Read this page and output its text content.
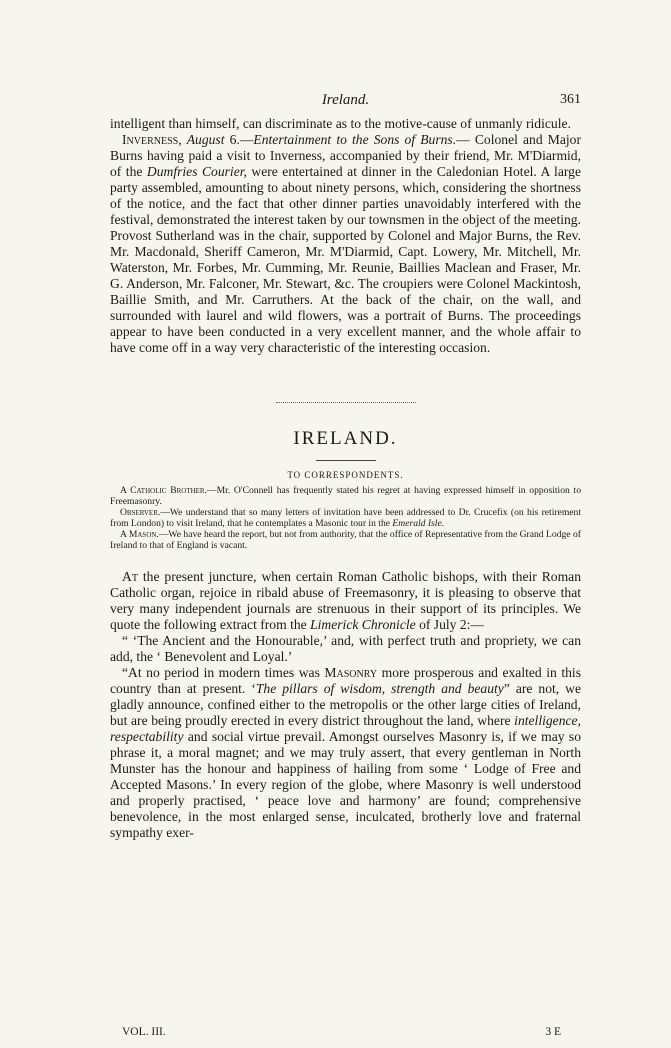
Ireland.	361

intelligent than himself, can discriminate as to the motive-cause of unmanly ridicule.

Inverness, August 6.—Entertainment to the Sons of Burns.— Colonel and Major Burns having paid a visit to Inverness, accompanied by their friend, Mr. M'Diarmid, of the Dumfries Courier, were entertained at dinner in the Caledonian Hotel. A large party assembled, amounting to about ninety persons, which, considering the shortness of the notice, and the fact that other dinner parties unavoidably interfered with the festival, demonstrated the interest taken by our townsmen in the object of the meeting. Provost Sutherland was in the chair, supported by Colonel and Major Burns, the Rev. Mr. Macdonald, Sheriff Cameron, Mr. M'Diarmid, Capt. Lowery, Mr. Mitchell, Mr. Waterston, Mr. Forbes, Mr. Cumming, Mr. Reunie, Baillies Maclean and Fraser, Mr. G. Anderson, Mr. Falconer, Mr. Stewart, &c. The croupiers were Colonel Mackintosh, Baillie Smith, and Mr. Carruthers. At the back of the chair, on the wall, and surrounded with laurel and wild flowers, was a portrait of Burns. The proceedings appear to have been conducted in a very excellent manner, and the whole affair to have come off in a way very characteristic of the interesting occasion.

IRELAND.
TO CORRESPONDENTS.

A Catholic Brother.—Mr. O'Connell has frequently stated his regret at having expressed himself in opposition to Freemasonry.

Observer.—We understand that so many letters of invitation have been addressed to Dr. Crucefix (on his retirement from London) to visit Ireland, that he contemplates a Masonic tour in the Emerald Isle.

A Mason.—We have heard the report, but not from authority, that the office of Representative from the Grand Lodge of Ireland to that of England is vacant.

At the present juncture, when certain Roman Catholic bishops, with their Roman Catholic organ, rejoice in ribald abuse of Freemasonry, it is pleasing to observe that very many independent journals are strenuous in their support of its principles. We quote the following extract from the Limerick Chronicle of July 2:—

“ ‘The Ancient and the Honourable,’ and, with perfect truth and propriety, we can add, the ‘ Benevolent and Loyal.’

“At no period in modern times was Masonry more prosperous and exalted in this country than at present. ‘The pillars of wisdom, strength and beauty” are not, we gladly announce, confined either to the metropolis or the other large cities of Ireland, but are being proudly erected in every district throughout the land, where intelligence, respectability and social virtue prevail. Amongst ourselves Masonry is, if we may so phrase it, a moral magnet; and we may truly assert, that every gentleman in North Munster has the honour and happiness of hailing from some ‘ Lodge of Free and Accepted Masons.’ In every region of the globe, where Masonry is well understood and properly practised, ‘ peace love and harmony’ are found; comprehensive benevolence, in the most enlarged sense, inculcated, brotherly love and fraternal sympathy exer-

VOL. III.	3 E
